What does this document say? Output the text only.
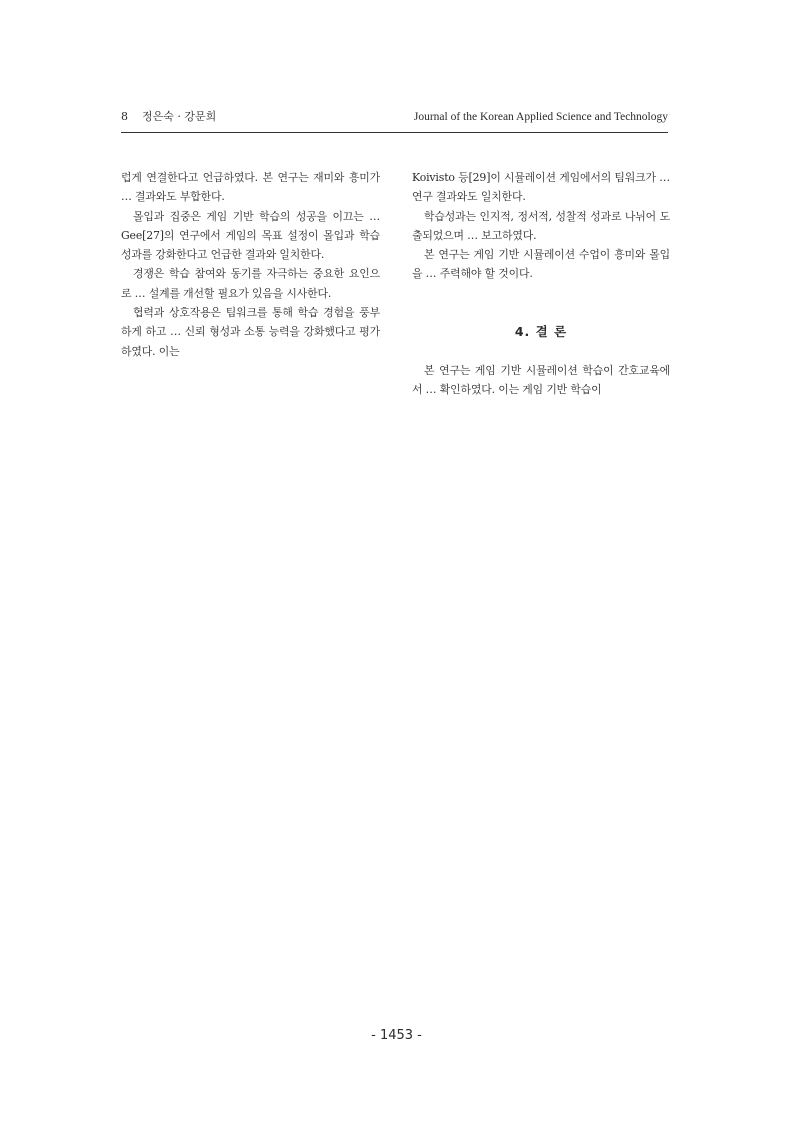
8 정은숙 · 강문희	Journal of the Korean Applied Science and Technology

럽게 연결한다고 언급하였다. 본 연구는 재미와 흥미가 … 결과와도 부합한다.

몰입과 집중은 게임 기반 학습의 성공을 이끄는 … Gee[27]의 연구에서 게임의 목표 설정이 몰입과 학습성과를 강화한다고 언급한 결과와 일치한다.

경쟁은 학습 참여와 동기를 자극하는 중요한 요인으로 … 설계를 개선할 필요가 있음을 시사한다.

협력과 상호작용은 팀워크를 통해 학습 경험을 풍부하게 하고 … 신뢰 형성과 소통 능력을 강화했다고 평가하였다. 이는

Koivisto 등[29]이 시뮬레이션 게임에서의 팀워크가 … 연구 결과와도 일치한다.

학습성과는 인지적, 정서적, 성찰적 성과로 나뉘어 도출되었으며 … 보고하였다.

본 연구는 게임 기반 시뮬레이션 수업이 흥미와 몰입을 … 주력해야 할 것이다.

4. 결 론

본 연구는 게임 기반 시뮬레이션 학습이 간호교육에서 … 확인하였다. 이는 게임 기반 학습이

- 1453 -
